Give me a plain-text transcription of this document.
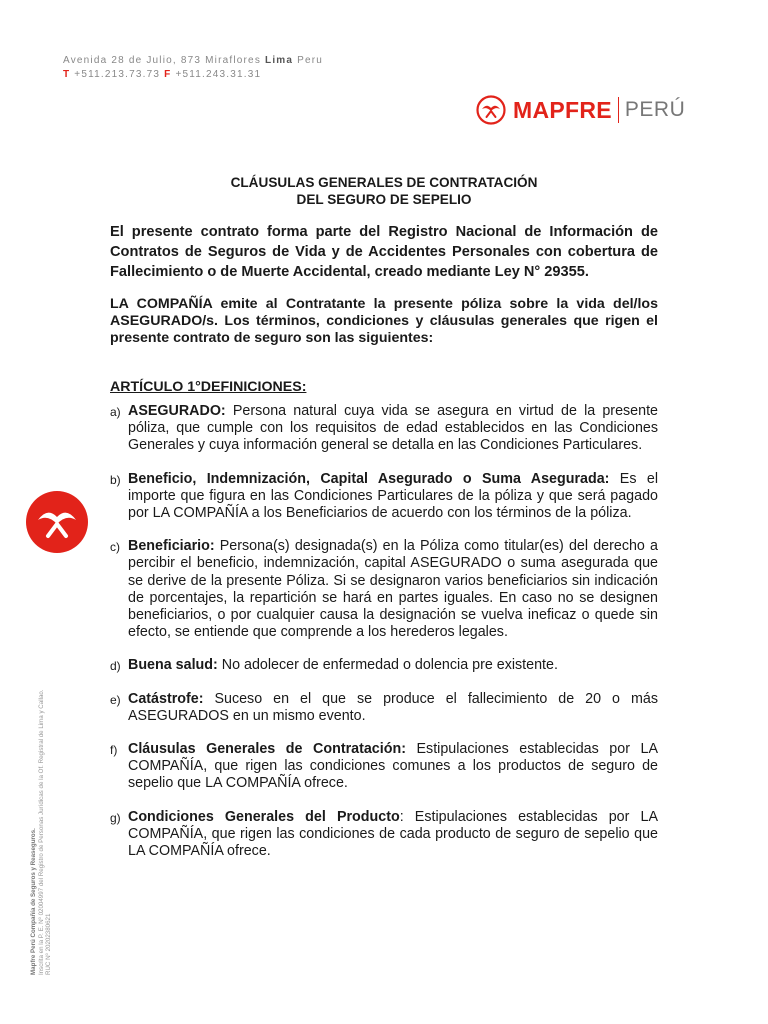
Avenida 28 de Julio, 873 Miraflores Lima Peru
T +511.213.73.73 F +511.243.31.31
MAPFRE PERÚ
Mapfre Perú Compañía de Seguros y Reaseguros. Inscrita en la P. E. Nº 02004997 del Registro de Personas Jurídicas de la Of. Registral de Lima y Callao. RUC Nº 20202380621

CLÁUSULAS GENERALES DE CONTRATACIÓN
DEL SEGURO DE SEPELIO

El presente contrato forma parte del Registro Nacional de Información de Contratos de Seguros de Vida y de Accidentes Personales con cobertura de Fallecimiento o de Muerte Accidental, creado mediante Ley N° 29355.

LA COMPAÑÍA emite al Contratante la presente póliza sobre la vida del/los ASEGURADO/s. Los términos, condiciones y cláusulas generales que rigen el presente contrato de seguro son las siguientes:

ARTÍCULO 1°DEFINICIONES:

a) ASEGURADO: Persona natural cuya vida se asegura en virtud de la presente póliza, que cumple con los requisitos de edad establecidos en las Condiciones Generales y cuya información general se detalla en las Condiciones Particulares.

b) Beneficio, Indemnización, Capital Asegurado o Suma Asegurada: Es el importe que figura en las Condiciones Particulares de la póliza y que será pagado por LA COMPAÑÍA a los Beneficiarios de acuerdo con los términos de la póliza.

c) Beneficiario: Persona(s) designada(s) en la Póliza como titular(es) del derecho a percibir el beneficio, indemnización, capital ASEGURADO o suma asegurada que se derive de la presente Póliza. Si se designaron varios beneficiarios sin indicación de porcentajes, la repartición se hará en partes iguales. En caso no se designen beneficiarios, o por cualquier causa la designación se vuelva ineficaz o quede sin efecto, se entiende que comprende a los herederos legales.

d) Buena salud: No adolecer de enfermedad o dolencia pre existente.

e) Catástrofe: Suceso en el que se produce el fallecimiento de 20 o más ASEGURADOS en un mismo evento.

f) Cláusulas Generales de Contratación: Estipulaciones establecidas por LA COMPAÑÍA, que rigen las condiciones comunes a los productos de seguro de sepelio que LA COMPAÑÍA ofrece.

g) Condiciones Generales del Producto: Estipulaciones establecidas por LA COMPAÑÍA, que rigen las condiciones de cada producto de seguro de sepelio que LA COMPAÑÍA ofrece.
